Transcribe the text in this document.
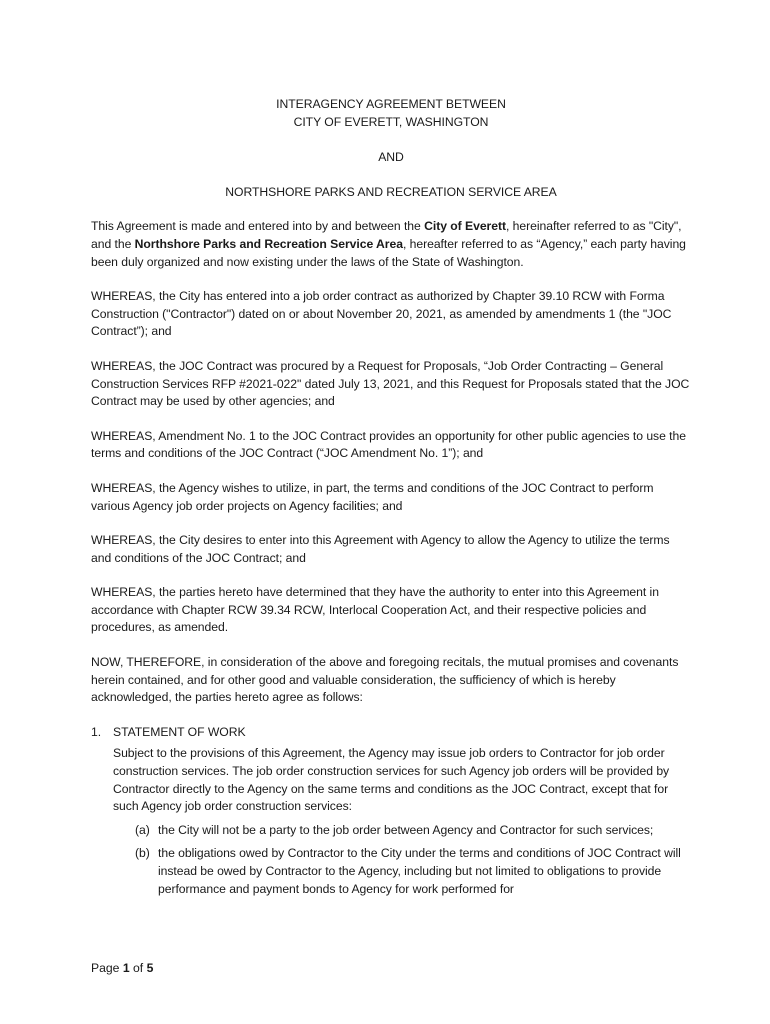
INTERAGENCY AGREEMENT BETWEEN

CITY OF EVERETT, WASHINGTON

AND

NORTHSHORE PARKS AND RECREATION SERVICE AREA

This Agreement is made and entered into by and between the City of Everett, hereinafter referred to as "City", and the Northshore Parks and Recreation Service Area, hereafter referred to as “Agency,” each party having been duly organized and now existing under the laws of the State of Washington.

WHEREAS, the City has entered into a job order contract as authorized by Chapter 39.10 RCW with Forma Construction ("Contractor") dated on or about November 20, 2021, as amended by amendments 1 (the "JOC Contract”); and

WHEREAS, the JOC Contract was procured by a Request for Proposals, “Job Order Contracting – General Construction Services RFP #2021-022" dated July 13, 2021, and this Request for Proposals stated that the JOC Contract may be used by other agencies; and

WHEREAS, Amendment No. 1 to the JOC Contract provides an opportunity for other public agencies to use the terms and conditions of the JOC Contract (“JOC Amendment No. 1”); and

WHEREAS, the Agency wishes to utilize, in part, the terms and conditions of the JOC Contract to perform various Agency job order projects on Agency facilities; and

WHEREAS, the City desires to enter into this Agreement with Agency to allow the Agency to utilize the terms and conditions of the JOC Contract; and

WHEREAS, the parties hereto have determined that they have the authority to enter into this Agreement in accordance with Chapter RCW 39.34 RCW, Interlocal Cooperation Act, and their respective policies and procedures, as amended.

NOW, THEREFORE, in consideration of the above and foregoing recitals, the mutual promises and covenants herein contained, and for other good and valuable consideration, the sufficiency of which is hereby acknowledged, the parties hereto agree as follows:

1. STATEMENT OF WORK

Subject to the provisions of this Agreement, the Agency may issue job orders to Contractor for job order construction services. The job order construction services for such Agency job orders will be provided by Contractor directly to the Agency on the same terms and conditions as the JOC Contract, except that for such Agency job order construction services:

(a) the City will not be a party to the job order between Agency and Contractor for such services;
(b) the obligations owed by Contractor to the City under the terms and conditions of JOC Contract will instead be owed by Contractor to the Agency, including but not limited to obligations to provide performance and payment bonds to Agency for work performed for
Page 1 of 5
